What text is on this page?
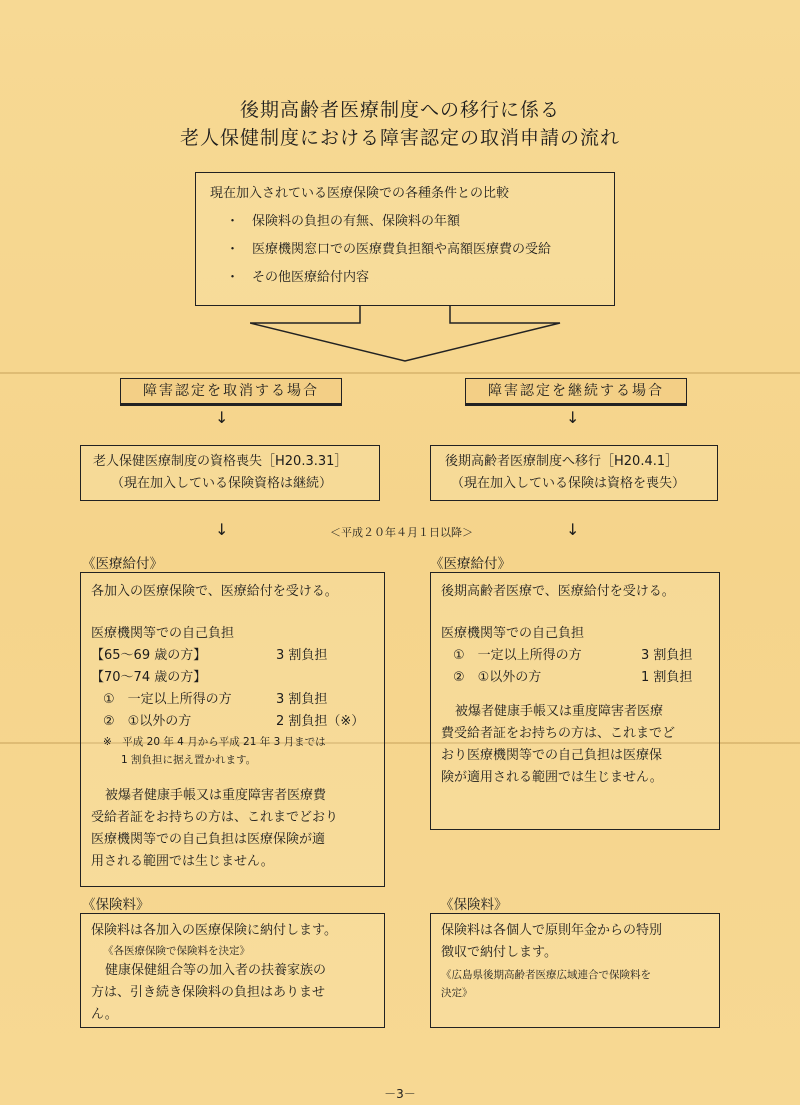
後期高齢者医療制度への移行に係る
老人保健制度における障害認定の取消申請の流れ
現在加入されている医療保険での各種条件との比較
・　保険料の負担の有無、保険料の年額
・　医療機関窓口での医療費負担額や高額医療費の受給
・　その他医療給付内容
障害認定を取消する場合	障害認定を継続する場合
↓	↓
老人保健医療制度の資格喪失［H20.3.31］
（現在加入している保険資格は継続）
後期高齢者医療制度へ移行［H20.4.1］
（現在加入している保険は資格を喪失）
↓	＜平成２０年４月１日以降＞	↓
《医療給付》	《医療給付》
各加入の医療保険で、医療給付を受ける。
医療機関等での自己負担
【65～69 歳の方】	3 割負担
【70～74 歳の方】
①　一定以上所得の方	3 割負担
②　①以外の方	2 割負担（※）
※　平成 20 年 4 月から平成 21 年 3 月までは
1 割負担に据え置かれます。
被爆者健康手帳又は重度障害者医療費
受給者証をお持ちの方は、これまでどおり
医療機関等での自己負担は医療保険が適
用される範囲では生じません。
後期高齢者医療で、医療給付を受ける。
医療機関等での自己負担
①　一定以上所得の方	3 割負担
②　①以外の方	1 割負担
被爆者健康手帳又は重度障害者医療
費受給者証をお持ちの方は、これまでど
おり医療機関等での自己負担は医療保
険が適用される範囲では生じません。
《保険料》	《保険料》
保険料は各加入の医療保険に納付します。
《各医療保険で保険料を決定》
健康保健組合等の加入者の扶養家族の
方は、引き続き保険料の負担はありませ
ん。
保険料は各個人で原則年金からの特別
徴収で納付します。
《広島県後期高齢者医療広域連合で保険料を
決定》
－3－
